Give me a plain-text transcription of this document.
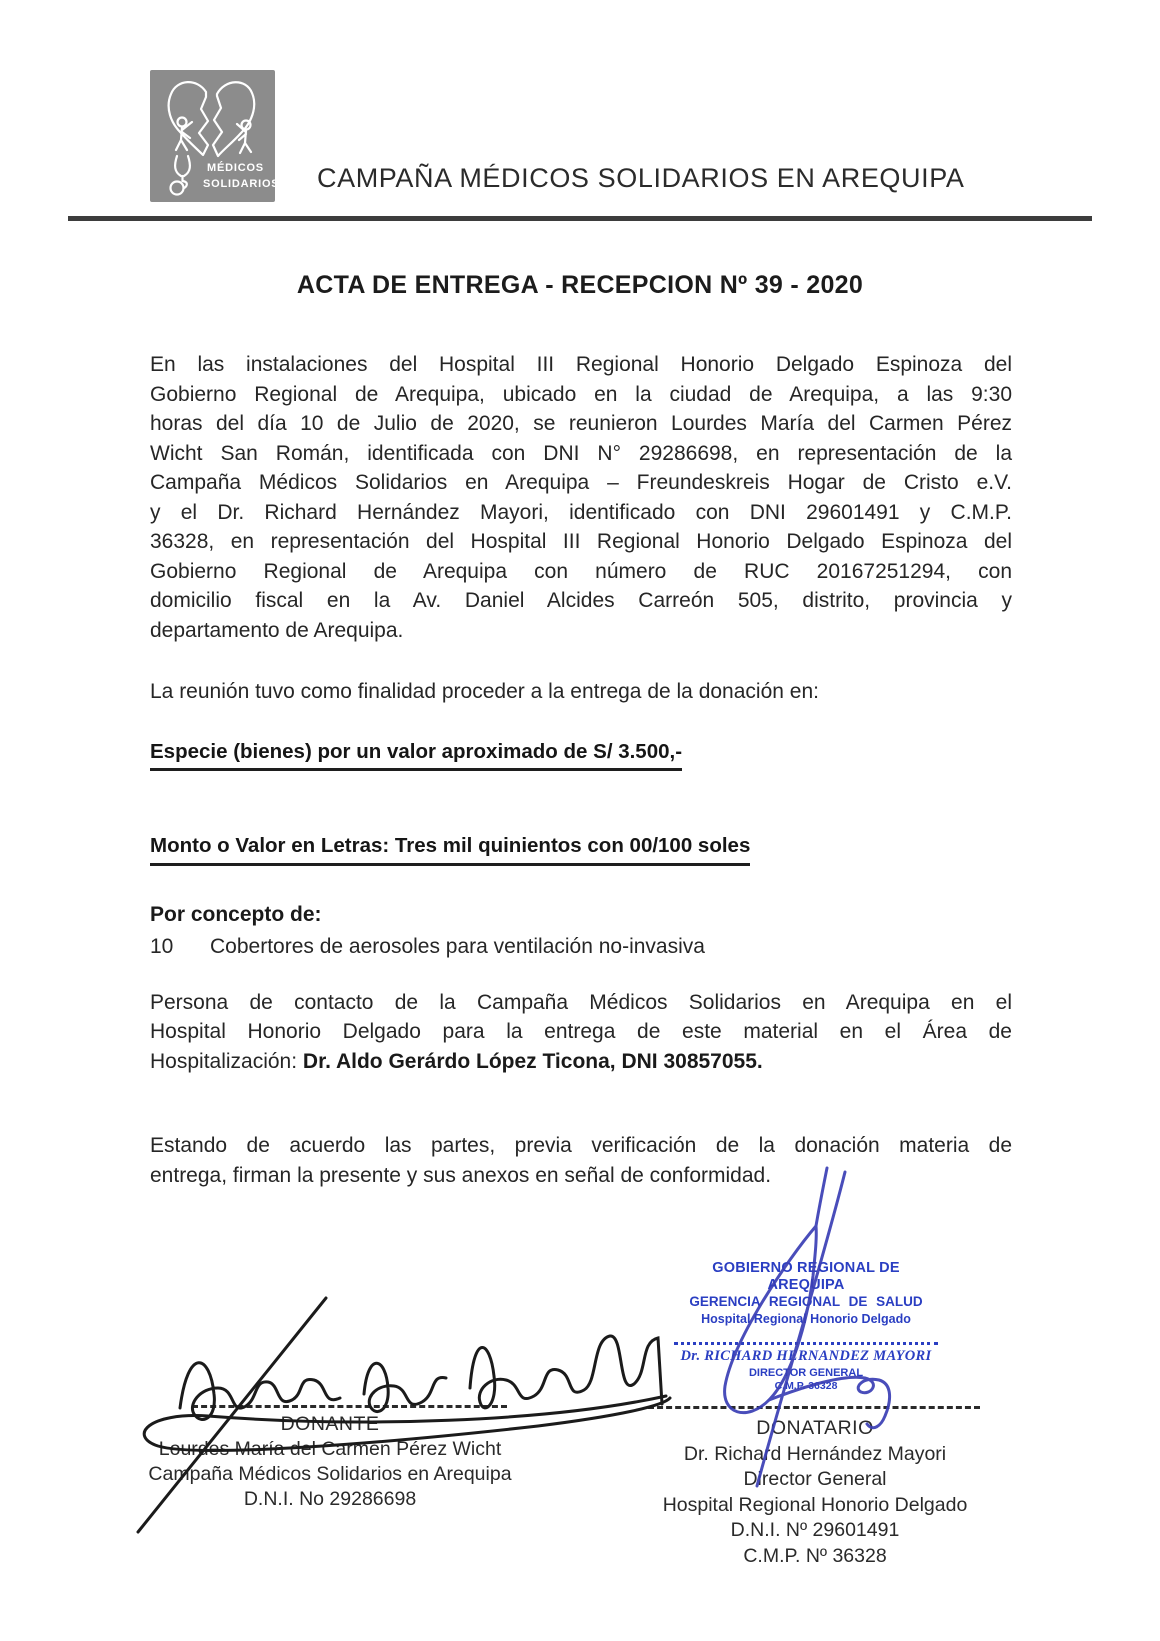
MÉDICOS
SOLIDARIOS CAMPAÑA MÉDICOS SOLIDARIOS EN AREQUIPA
ACTA DE ENTREGA - RECEPCION Nº 39 - 2020
En las instalaciones del Hospital III Regional Honorio Delgado Espinoza del
Gobierno Regional de Arequipa, ubicado en la ciudad de Arequipa, a las 9:30
horas del día 10 de Julio de 2020, se reunieron Lourdes María del Carmen Pérez
Wicht San Román, identificada con DNI N° 29286698, en representación de la
Campaña Médicos Solidarios en Arequipa – Freundeskreis Hogar de Cristo e.V.
y el Dr. Richard Hernández Mayori, identificado con DNI 29601491 y C.M.P.
36328, en representación del Hospital III Regional Honorio Delgado Espinoza del
Gobierno Regional de Arequipa con número de RUC 20167251294, con
domicilio fiscal en la Av. Daniel Alcides Carreón 505, distrito, provincia y
departamento de Arequipa.
La reunión tuvo como finalidad proceder a la entrega de la donación en:
Especie (bienes) por un valor aproximado de S/ 3.500,-
Monto o Valor en Letras: Tres mil quinientos con 00/100 soles
Por concepto de:
10	Cobertores de aerosoles para ventilación no-invasiva
Persona de contacto de la Campaña Médicos Solidarios en Arequipa en el
Hospital Honorio Delgado para la entrega de este material en el Área de
Hospitalización: Dr. Aldo Gerárdo López Ticona, DNI 30857055.
Estando de acuerdo las partes, previa verificación de la donación materia de
entrega, firman la presente y sus anexos en señal de conformidad.
GOBIERNO REGIONAL DE AREQUIPA
GERENCIA REGIONAL DE SALUD
Hospital Regional Honorio Delgado
Dr. RICHARD HERNANDEZ MAYORI
DIRECTOR GENERAL
C.M.P. 36328
DONANTE
Lourdes María del Carmen Pérez Wicht
Campaña Médicos Solidarios en Arequipa
D.N.I. No 29286698
DONATARIO
Dr. Richard Hernández Mayori
Director General
Hospital Regional Honorio Delgado
D.N.I. Nº 29601491
C.M.P. Nº 36328
